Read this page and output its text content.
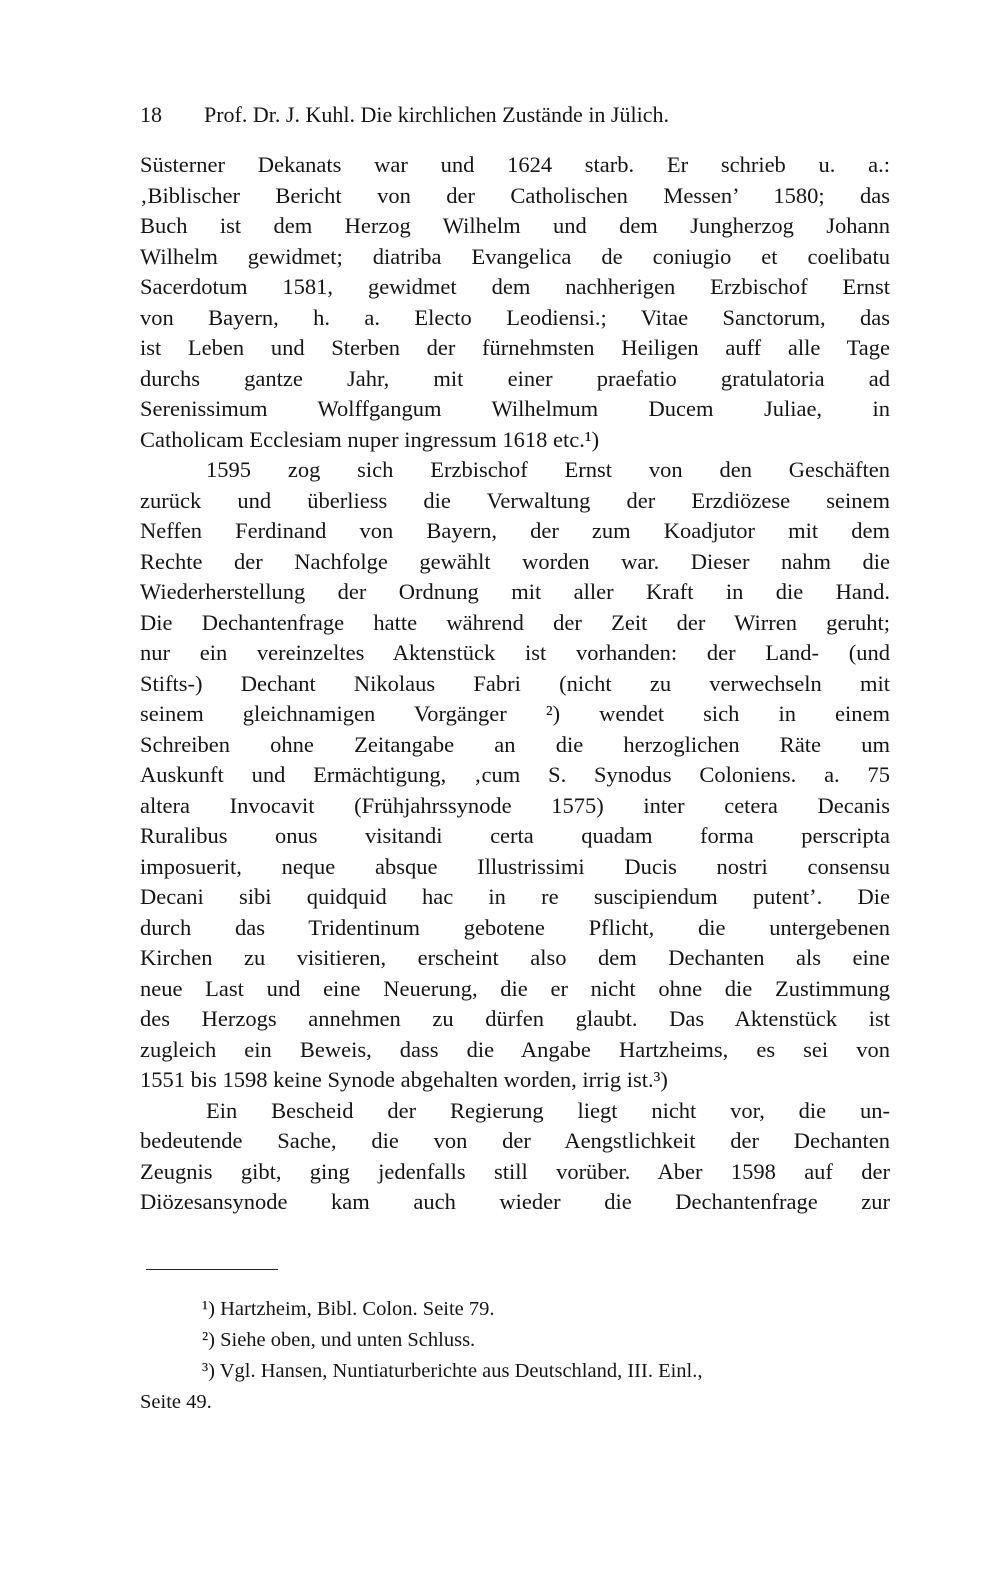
18 Prof. Dr. J. Kuhl. Die kirchlichen Zustände in Jülich.
Süsterner Dekanats war und 1624 starb. Er schrieb u. a.:
‚Biblischer Bericht von der Catholischen Messen’ 1580; das
Buch ist dem Herzog Wilhelm und dem Jungherzog Johann
Wilhelm gewidmet; diatriba Evangelica de coniugio et coelibatu
Sacerdotum 1581, gewidmet dem nachherigen Erzbischof Ernst
von Bayern, h. a. Electo Leodiensi.; Vitae Sanctorum, das
ist Leben und Sterben der fürnehmsten Heiligen auff alle Tage
durchs gantze Jahr, mit einer praefatio gratulatoria ad
Serenissimum Wolffgangum Wilhelmum Ducem Juliae, in
Catholicam Ecclesiam nuper ingressum 1618 etc.¹)
1595 zog sich Erzbischof Ernst von den Geschäften
zurück und überliess die Verwaltung der Erzdiözese seinem
Neffen Ferdinand von Bayern, der zum Koadjutor mit dem
Rechte der Nachfolge gewählt worden war. Dieser nahm die
Wiederherstellung der Ordnung mit aller Kraft in die Hand.
Die Dechantenfrage hatte während der Zeit der Wirren geruht;
nur ein vereinzeltes Aktenstück ist vorhanden: der Land- (und
Stifts-) Dechant Nikolaus Fabri (nicht zu verwechseln mit
seinem gleichnamigen Vorgänger ²) wendet sich in einem
Schreiben ohne Zeitangabe an die herzoglichen Räte um
Auskunft und Ermächtigung, ‚cum S. Synodus Coloniens. a. 75
altera Invocavit (Frühjahrssynode 1575) inter cetera Decanis
Ruralibus onus visitandi certa quadam forma perscripta
imposuerit, neque absque Illustrissimi Ducis nostri consensu
Decani sibi quidquid hac in re suscipiendum putent’. Die
durch das Tridentinum gebotene Pflicht, die untergebenen
Kirchen zu visitieren, erscheint also dem Dechanten als eine
neue Last und eine Neuerung, die er nicht ohne die Zustimmung
des Herzogs annehmen zu dürfen glaubt. Das Aktenstück ist
zugleich ein Beweis, dass die Angabe Hartzheims, es sei von
1551 bis 1598 keine Synode abgehalten worden, irrig ist.³)
Ein Bescheid der Regierung liegt nicht vor, die un-
bedeutende Sache, die von der Aengstlichkeit der Dechanten
Zeugnis gibt, ging jedenfalls still vorüber. Aber 1598 auf der
Diözesansynode kam auch wieder die Dechantenfrage zur
¹) Hartzheim, Bibl. Colon. Seite 79.
²) Siehe oben, und unten Schluss.
³) Vgl. Hansen, Nuntiaturberichte aus Deutschland, III. Einl.,
Seite 49.
